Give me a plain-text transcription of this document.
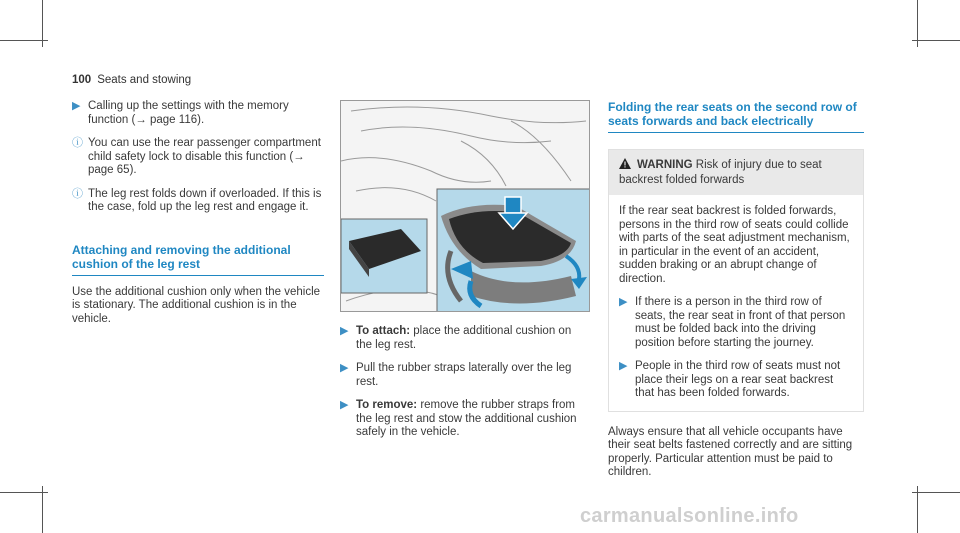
100 Seats and stowing
▶ Calling up the settings with the memory function (→ page 116).
ⓘ You can use the rear passenger compartment child safety lock to disable this function (→ page 65).
ⓘ The leg rest folds down if overloaded. If this is the case, fold up the leg rest and engage it.
Attaching and removing the additional cushion of the leg rest
Use the additional cushion only when the vehicle is stationary. The additional cushion is in the vehicle.
▶ To attach: place the additional cushion on the leg rest.
▶ Pull the rubber straps laterally over the leg rest.
▶ To remove: remove the rubber straps from the leg rest and stow the additional cushion safely in the vehicle.
Folding the rear seats on the second row of seats forwards and back electrically
WARNING Risk of injury due to seat backrest folded forwards
If the rear seat backrest is folded forwards, persons in the third row of seats could collide with parts of the seat adjustment mechanism, in particular in the event of an accident, sudden braking or an abrupt change of direction.
▶ If there is a person in the third row of seats, the rear seat in front of that person must be folded back into the driving position before starting the journey.
▶ People in the third row of seats must not place their legs on a rear seat backrest that has been folded forwards.
Always ensure that all vehicle occupants have their seat belts fastened correctly and are sitting properly. Particular attention must be paid to children.
carmanualsonline.info
